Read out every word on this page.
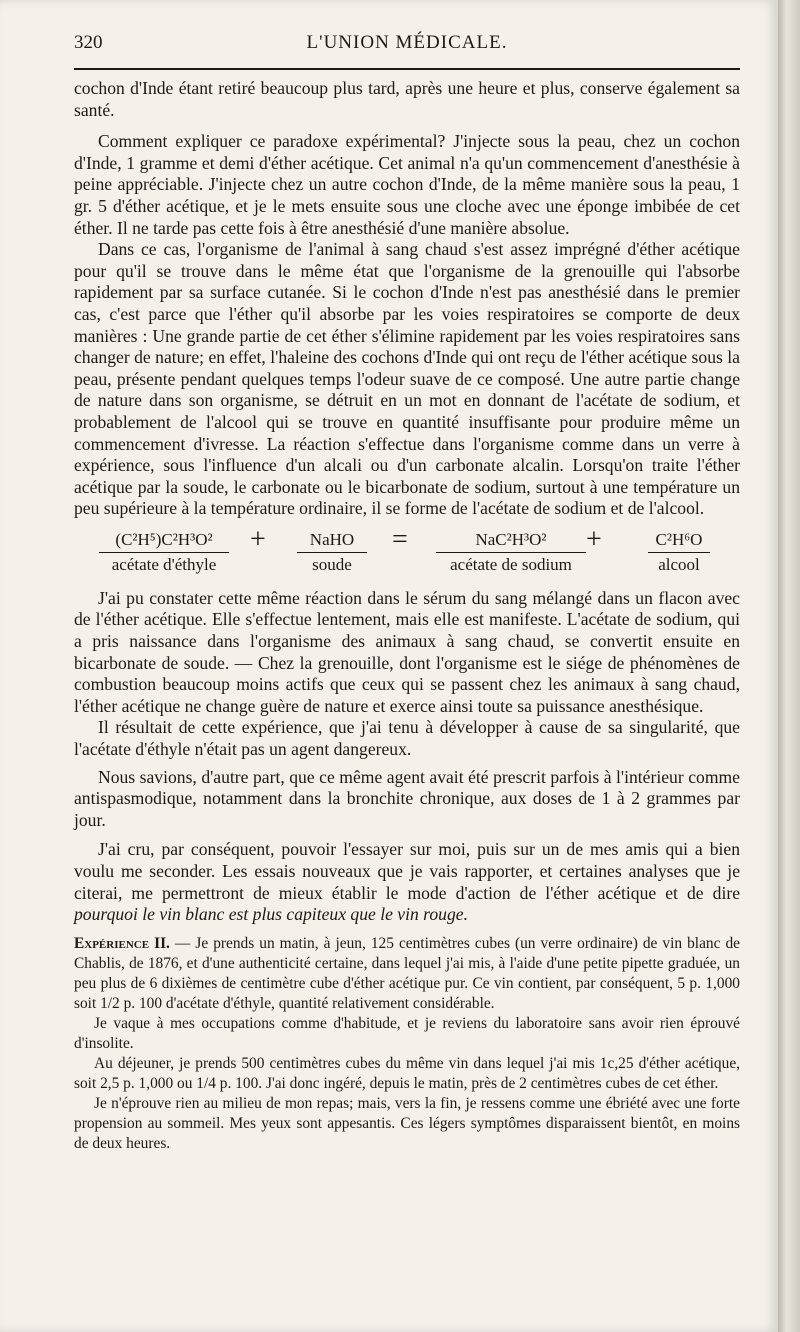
320	L'UNION MÉDICALE.

cochon d'Inde étant retiré beaucoup plus tard, après une heure et plus, conserve également sa santé.

Comment expliquer ce paradoxe expérimental? J'injecte sous la peau, chez un cochon d'Inde, 1 gramme et demi d'éther acétique. Cet animal n'a qu'un commencement d'anesthésie à peine appréciable. J'injecte chez un autre cochon d'Inde, de la même manière sous la peau, 1 gr. 5 d'éther acétique, et je le mets ensuite sous une cloche avec une éponge imbibée de cet éther. Il ne tarde pas cette fois à être anesthésié d'une manière absolue.

Dans ce cas, l'organisme de l'animal à sang chaud s'est assez imprégné d'éther acétique pour qu'il se trouve dans le même état que l'organisme de la grenouille qui l'absorbe rapidement par sa surface cutanée. Si le cochon d'Inde n'est pas anesthésié dans le premier cas, c'est parce que l'éther qu'il absorbe par les voies respiratoires se comporte de deux manières : Une grande partie de cet éther s'élimine rapidement par les voies respiratoires sans changer de nature; en effet, l'haleine des cochons d'Inde qui ont reçu de l'éther acétique sous la peau, présente pendant quelques temps l'odeur suave de ce composé. Une autre partie change de nature dans son organisme, se détruit en un mot en donnant de l'acétate de sodium, et probablement de l'alcool qui se trouve en quantité insuffisante pour produire même un commencement d'ivresse. La réaction s'effectue dans l'organisme comme dans un verre à expérience, sous l'influence d'un alcali ou d'un carbonate alcalin. Lorsqu'on traite l'éther acétique par la soude, le carbonate ou le bicarbonate de sodium, surtout à une température un peu supérieure à la température ordinaire, il se forme de l'acétate de sodium et de l'alcool.

(C²H⁵)C²H³O²
acétate d'éthyle
+	NaHO
soude
=	NaC²H³O²
acétate de sodium
+	C²H⁶O
alcool

J'ai pu constater cette même réaction dans le sérum du sang mélangé dans un flacon avec de l'éther acétique. Elle s'effectue lentement, mais elle est manifeste. L'acétate de sodium, qui a pris naissance dans l'organisme des animaux à sang chaud, se convertit ensuite en bicarbonate de soude. — Chez la grenouille, dont l'organisme est le siége de phénomènes de combustion beaucoup moins actifs que ceux qui se passent chez les animaux à sang chaud, l'éther acétique ne change guère de nature et exerce ainsi toute sa puissance anesthésique.

Il résultait de cette expérience, que j'ai tenu à développer à cause de sa singularité, que l'acétate d'éthyle n'était pas un agent dangereux.

Nous savions, d'autre part, que ce même agent avait été prescrit parfois à l'intérieur comme antispasmodique, notamment dans la bronchite chronique, aux doses de 1 à 2 grammes par jour.

J'ai cru, par conséquent, pouvoir l'essayer sur moi, puis sur un de mes amis qui a bien voulu me seconder. Les essais nouveaux que je vais rapporter, et certaines analyses que je citerai, me permettront de mieux établir le mode d'action de l'éther acétique et de dire pourquoi le vin blanc est plus capiteux que le vin rouge.

Expérience II. — Je prends un matin, à jeun, 125 centimètres cubes (un verre ordinaire) de vin blanc de Chablis, de 1876, et d'une authenticité certaine, dans lequel j'ai mis, à l'aide d'une petite pipette graduée, un peu plus de 6 dixièmes de centimètre cube d'éther acétique pur. Ce vin contient, par conséquent, 5 p. 1,000 soit 1/2 p. 100 d'acétate d'éthyle, quantité relativement considérable.

Je vaque à mes occupations comme d'habitude, et je reviens du laboratoire sans avoir rien éprouvé d'insolite.

Au déjeuner, je prends 500 centimètres cubes du même vin dans lequel j'ai mis 1c,25 d'éther acétique, soit 2,5 p. 1,000 ou 1/4 p. 100. J'ai donc ingéré, depuis le matin, près de 2 centimètres cubes de cet éther.

Je n'éprouve rien au milieu de mon repas; mais, vers la fin, je ressens comme une ébriété avec une forte propension au sommeil. Mes yeux sont appesantis. Ces légers symptômes disparaissent bientôt, en moins de deux heures.
